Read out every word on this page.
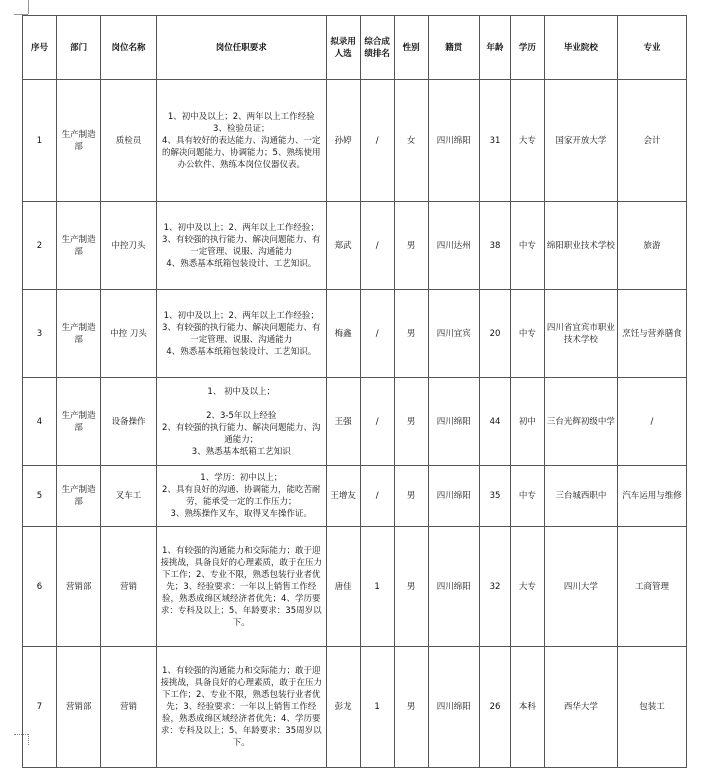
序号	部门	岗位名称	岗位任职要求	拟录用人选	综合成绩排名	性别	籍贯	年龄	学历	毕业院校	专业
1	生产制造部	质检员	1、初中及以上；2、两年以上工作经验
3、检验员证；
4、具有较好的表达能力、沟通能力、一定的解决问题能力、协调能力；5、熟练使用办公软件、熟练本岗位仪器仪表。	孙婷	/	女	四川绵阳	31	大专	国家开放大学	会计
2	生产制造部	中控刀头	1、初中及以上；2、两年以上工作经验；
3、有较强的执行能力、解决问题能力、有一定管理、说服、沟通能力
4、熟悉基本纸箱包装设计、工艺知识。	郑武	/	男	四川达州	38	中专	绵阳职业技术学校	旅游
3	生产制造部	中控 刀头	1、初中及以上；2、两年以上工作经验；
3、有较强的执行能力、解决问题能力、有一定管理、说服、沟通能力
4、熟悉基本纸箱包装设计、工艺知识。	梅鑫	/	男	四川宜宾	20	中专	四川省宜宾市职业技术学校	烹饪与营养膳食
4	生产制造部	设备操作	1、 初中及以上；

2、3-5年以上经验
2、有较强的执行能力、解决问题能力、沟通能力；
3、熟悉基本纸箱工艺知识	王强	/	男	四川绵阳	44	初中	三台光辉初级中学	/
5	生产制造部	叉车工	1、学历：初中以上；
2、具有良好的沟通、协调能力，能吃苦耐劳，能承受一定的工作压力；
3、熟练操作叉车，取得叉车操作证。	王增友	/	男	四川绵阳	35	中专	三台城西职中	汽车运用与维修
6	营销部	营销	1、有较强的沟通能力和交际能力；敢于迎接挑战，具备良好的心理素质，敢于在压力下工作；2、专业不限，熟悉包装行业者优先；3、经验要求：一年以上销售工作经验，熟悉成绵区域经济者优先；4、学历要求：专科及以上；5、年龄要求：35周岁以下。	唐佳	1	男	四川绵阳	32	大专	四川大学	工商管理
7	营销部	营销	1、有较强的沟通能力和交际能力；敢于迎接挑战，具备良好的心理素质，敢于在压力下工作；2、专业不限，熟悉包装行业者优先；3、经验要求：一年以上销售工作经验，熟悉成绵区域经济者优先；4、学历要求：专科及以上；5、年龄要求：35周岁以下。	彭龙	1	男	四川绵阳	26	本科	西华大学	包装工
